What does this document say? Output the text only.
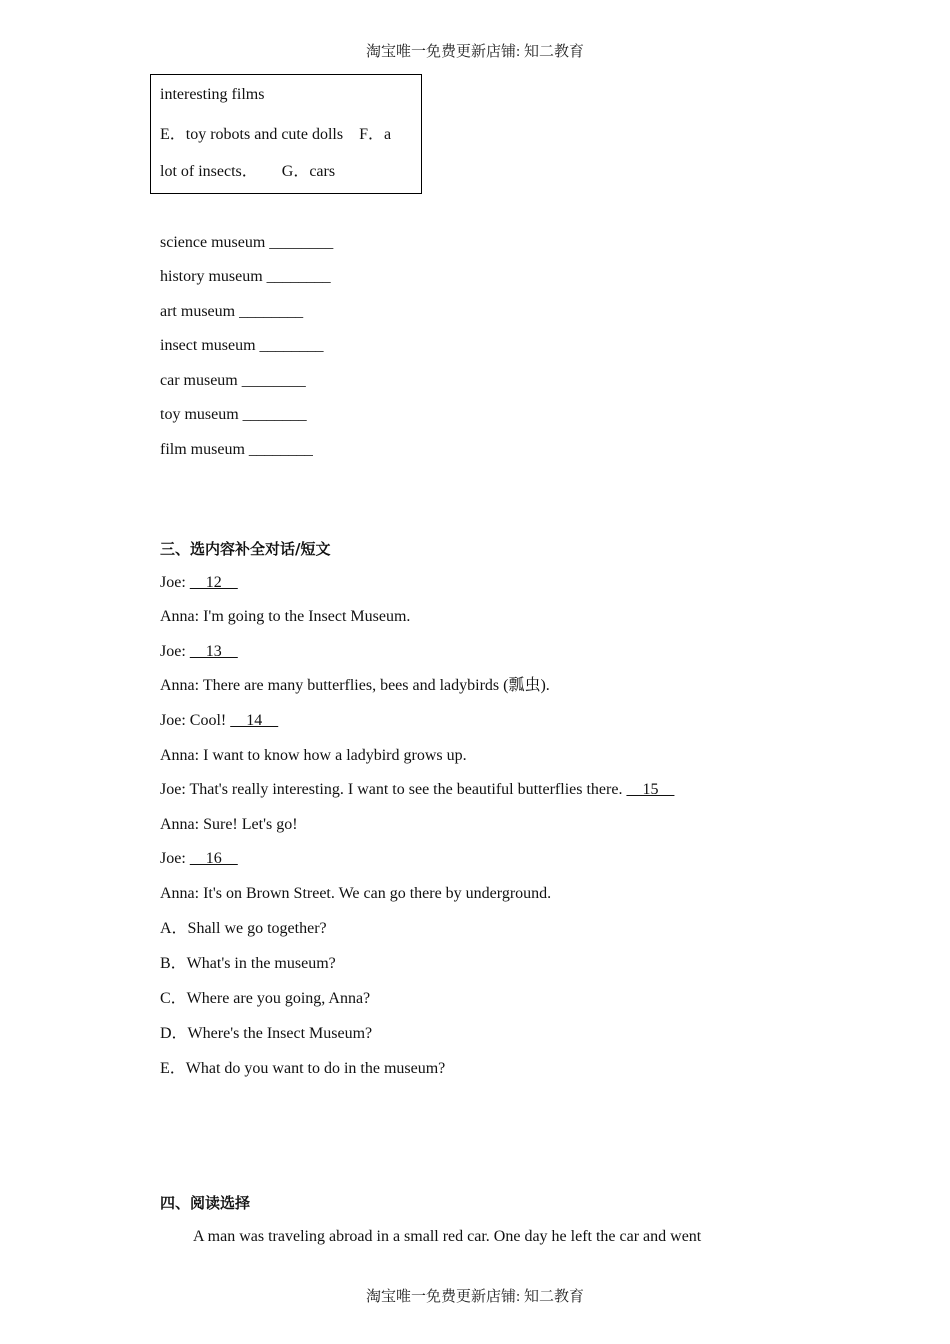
淘宝唯一免费更新店铺: 知二教育
interesting films
E．toy robots and cute dolls　F．a
lot of insects．　　G．cars
science museum ________
history museum ________
art museum ________
insect museum ________
car museum ________
toy museum ________
film museum ________
三、选内容补全对话/短文
Joe:     12
Anna: I'm going to the Insect Museum.
Joe:     13
Anna: There are many butterflies, bees and ladybirds (瓢虫).
Joe: Cool!     14
Anna: I want to know how a ladybird grows up.
Joe: That's really interesting. I want to see the beautiful butterflies there.     15
Anna: Sure! Let's go!
Joe:     16
Anna: It's on Brown Street. We can go there by underground.
A．Shall we go together?
B．What's in the museum?
C．Where are you going, Anna?
D．Where's the Insect Museum?
E．What do you want to do in the museum?
四、阅读选择
A man was traveling abroad in a small red car. One day he left the car and went
淘宝唯一免费更新店铺: 知二教育
